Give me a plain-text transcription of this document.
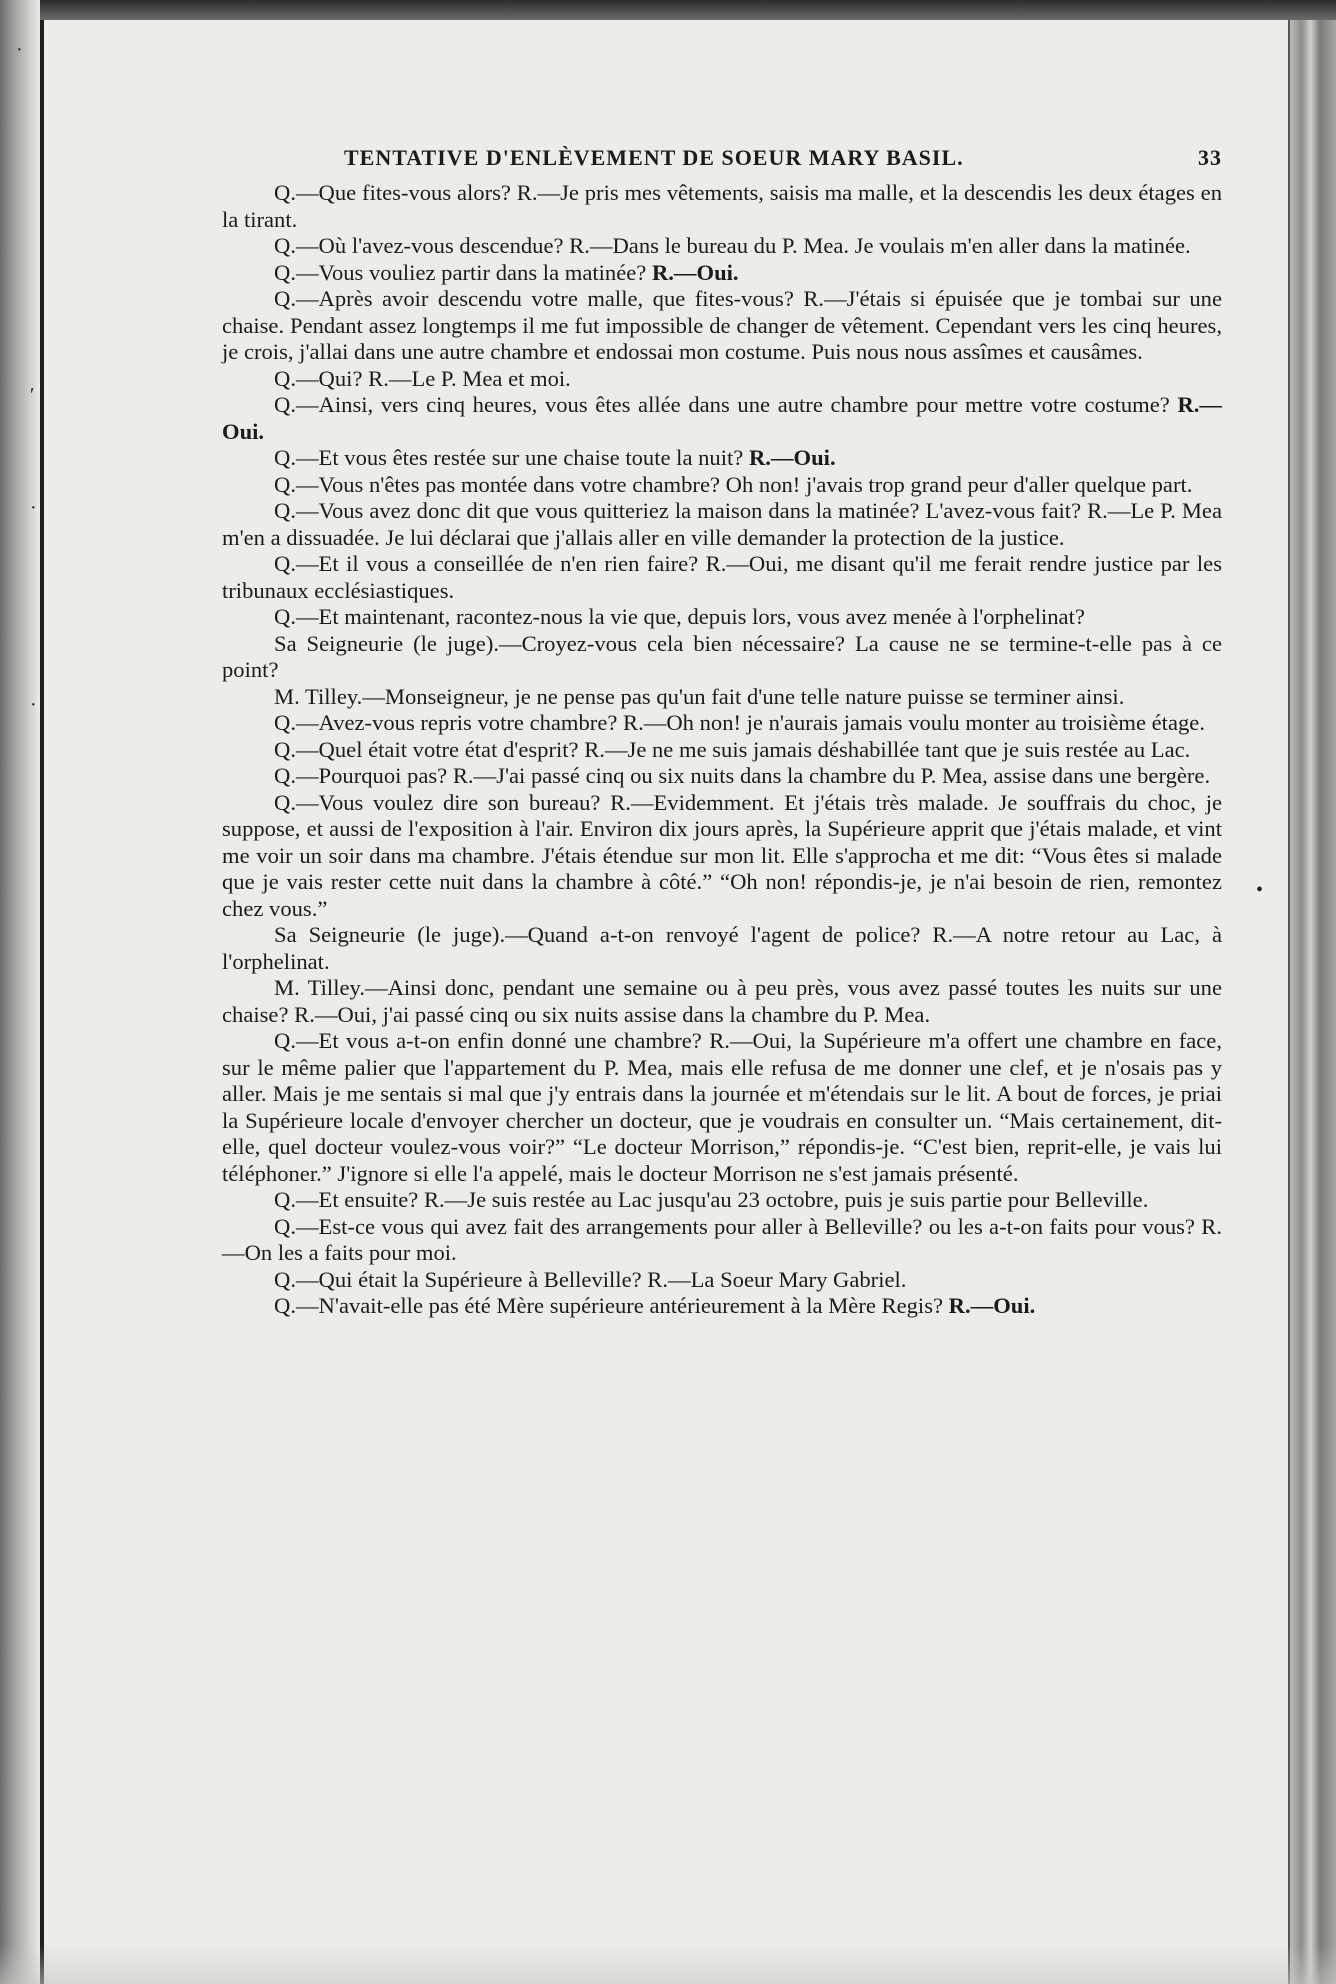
·
′
·
·
•
TENTATIVE D'ENLÈVEMENT DE SOEUR MARY BASIL.	33

Q.—Que fites-vous alors? R.—Je pris mes vêtements, saisis ma malle, et la descendis les deux étages en la tirant.

Q.—Où l'avez-vous descendue? R.—Dans le bureau du P. Mea. Je voulais m'en aller dans la matinée.

Q.—Vous vouliez partir dans la matinée? R.—Oui.

Q.—Après avoir descendu votre malle, que fites-vous? R.—J'étais si épuisée que je tombai sur une chaise. Pendant assez longtemps il me fut impossible de changer de vêtement. Cependant vers les cinq heures, je crois, j'allai dans une autre chambre et endossai mon costume. Puis nous nous assîmes et causâmes.

Q.—Qui? R.—Le P. Mea et moi.

Q.—Ainsi, vers cinq heures, vous êtes allée dans une autre chambre pour mettre votre costume? R.—Oui.

Q.—Et vous êtes restée sur une chaise toute la nuit? R.—Oui.

Q.—Vous n'êtes pas montée dans votre chambre? Oh non! j'avais trop grand peur d'aller quelque part.

Q.—Vous avez donc dit que vous quitteriez la maison dans la matinée? L'avez-vous fait? R.—Le P. Mea m'en a dissuadée. Je lui déclarai que j'allais aller en ville demander la protection de la justice.

Q.—Et il vous a conseillée de n'en rien faire? R.—Oui, me disant qu'il me ferait rendre justice par les tribunaux ecclésiastiques.

Q.—Et maintenant, racontez-nous la vie que, depuis lors, vous avez menée à l'orphelinat?

Sa Seigneurie (le juge).—Croyez-vous cela bien nécessaire? La cause ne se termine-t-elle pas à ce point?

M. Tilley.—Monseigneur, je ne pense pas qu'un fait d'une telle nature puisse se terminer ainsi.

Q.—Avez-vous repris votre chambre? R.—Oh non! je n'aurais jamais voulu monter au troisième étage.

Q.—Quel était votre état d'esprit? R.—Je ne me suis jamais déshabillée tant que je suis restée au Lac.

Q.—Pourquoi pas? R.—J'ai passé cinq ou six nuits dans la chambre du P. Mea, assise dans une bergère.

Q.—Vous voulez dire son bureau? R.—Evidemment. Et j'étais très malade. Je souffrais du choc, je suppose, et aussi de l'exposition à l'air. Environ dix jours après, la Supérieure apprit que j'étais malade, et vint me voir un soir dans ma chambre. J'étais étendue sur mon lit. Elle s'approcha et me dit: “Vous êtes si malade que je vais rester cette nuit dans la chambre à côté.” “Oh non! répondis-je, je n'ai besoin de rien, remontez chez vous.”

Sa Seigneurie (le juge).—Quand a-t-on renvoyé l'agent de police? R.—A notre retour au Lac, à l'orphelinat.

M. Tilley.—Ainsi donc, pendant une semaine ou à peu près, vous avez passé toutes les nuits sur une chaise? R.—Oui, j'ai passé cinq ou six nuits assise dans la chambre du P. Mea.

Q.—Et vous a-t-on enfin donné une chambre? R.—Oui, la Supérieure m'a offert une chambre en face, sur le même palier que l'appartement du P. Mea, mais elle refusa de me donner une clef, et je n'osais pas y aller. Mais je me sentais si mal que j'y entrais dans la journée et m'étendais sur le lit. A bout de forces, je priai la Supérieure locale d'envoyer chercher un docteur, que je voudrais en consulter un. “Mais certainement, dit-elle, quel docteur voulez-vous voir?” “Le docteur Morrison,” répondis-je. “C'est bien, reprit-elle, je vais lui téléphoner.” J'ignore si elle l'a appelé, mais le docteur Morrison ne s'est jamais présenté.

Q.—Et ensuite? R.—Je suis restée au Lac jusqu'au 23 octobre, puis je suis partie pour Belleville.

Q.—Est-ce vous qui avez fait des arrangements pour aller à Belleville? ou les a-t-on faits pour vous? R.—On les a faits pour moi.

Q.—Qui était la Supérieure à Belleville? R.—La Soeur Mary Gabriel.

Q.—N'avait-elle pas été Mère supérieure antérieurement à la Mère Regis? R.—Oui.
